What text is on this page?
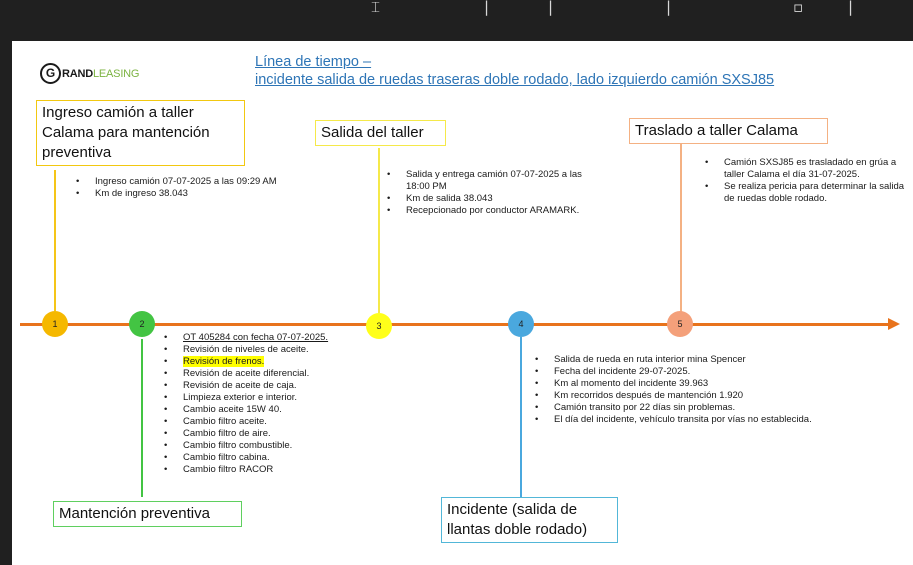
⌶	|	|	|	▫	|
G RAND LEASING
Línea de tiempo –
incidente salida de ruedas traseras doble rodado, lado izquierdo camión SXSJ85
1	2	3	4	5
Ingreso camión a taller Calama para mantención preventiva
• Ingreso camión 07-07-2025 a las 09:29 AM
• Km de ingreso 38.043
• OT 405284 con fecha 07-07-2025.
• Revisión de niveles de aceite.
• Revisión de frenos.
• Revisión de aceite diferencial.
• Revisión de aceite de caja.
• Limpieza exterior e interior.
• Cambio aceite 15W 40.
• Cambio filtro aceite.
• Cambio filtro de aire.
• Cambio filtro combustible.
• Cambio filtro cabina.
• Cambio filtro RACOR
Mantención preventiva
Salida del taller
• Salida y entrega camión 07-07-2025 a las 18:00 PM
• Km de salida 38.043
• Recepcionado por conductor ARAMARK.
• Salida de rueda en ruta interior mina Spencer
• Fecha del incidente 29-07-2025.
• Km al momento del incidente 39.963
• Km recorridos después de mantención 1.920
• Camión transito por 22 días sin problemas.
• El día del incidente, vehículo transita por vías no establecida.
Incidente (salida de llantas doble rodado)
Traslado a taller Calama
• Camión SXSJ85 es trasladado en grúa a taller Calama el día 31-07-2025.
• Se realiza pericia para determinar la salida de ruedas doble rodado.
